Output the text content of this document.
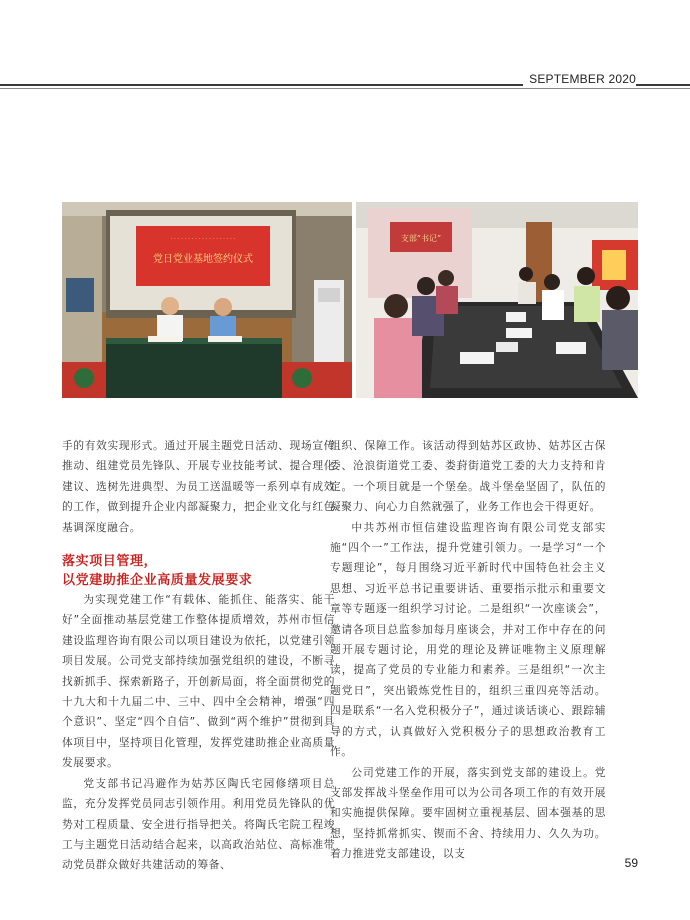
SEPTEMBER 2020
· · · · · · · · · · · · · · · · · · ·
党日党业基地签约仪式
支部“书记”

手的有效实现形式。通过开展主题党日活动、现场宣传推动、组建党员先锋队、开展专业技能考试、提合理化建议、选树先进典型、为员工送温暖等一系列卓有成效的工作，做到提升企业内部凝聚力，把企业文化与红色基调深度融合。

落实项目管理，
以党建助推企业高质量发展要求

为实现党建工作“有载体、能抓住、能落实、能干好”全面推动基层党建工作整体提质增效，苏州市恒信建设监理咨询有限公司以项目建设为依托，以党建引领项目发展。公司党支部持续加强党组织的建设，不断寻找新抓手、探索新路子，开创新局面，将全面贯彻党的十九大和十九届二中、三中、四中全会精神，增强“四个意识”、坚定“四个自信”、做到“两个维护”贯彻到具体项目中，坚持项目化管理，发挥党建助推企业高质量发展要求。

党支部书记冯避作为姑苏区陶氏宅园修缮项目总监，充分发挥党员同志引领作用。利用党员先锋队的优势对工程质量、安全进行指导把关。将陶氏宅院工程竣工与主题党日活动结合起来，以高政治站位、高标准带动党员群众做好共建活动的筹备、

组织、保障工作。该活动得到姑苏区政协、姑苏区古保委、沧浪街道党工委、娄葑街道党工委的大力支持和肯定。一个项目就是一个堡垒。战斗堡垒坚固了，队伍的凝聚力、向心力自然就强了，业务工作也会干得更好。

中共苏州市恒信建设监理咨询有限公司党支部实施“四个一”工作法，提升党建引领力。一是学习“一个专题理论”，每月围绕习近平新时代中国特色社会主义思想、习近平总书记重要讲话、重要指示批示和重要文章等专题逐一组织学习讨论。二是组织“一次座谈会”，邀请各项目总监参加每月座谈会，并对工作中存在的问题开展专题讨论，用党的理论及辨证唯物主义原理解读，提高了党员的专业能力和素养。三是组织“一次主题党日”，突出锻炼党性目的，组织三重四亮等活动。四是联系“一名入党积极分子”，通过谈话谈心、跟踪辅导的方式，认真做好入党积极分子的思想政治教育工作。

公司党建工作的开展，落实到党支部的建设上。党支部发挥战斗堡垒作用可以为公司各项工作的有效开展和实施提供保障。要牢固树立重视基层、固本强基的思想，坚持抓常抓实、锲而不舍、持续用力、久久为功。着力推进党支部建设，以支

59
